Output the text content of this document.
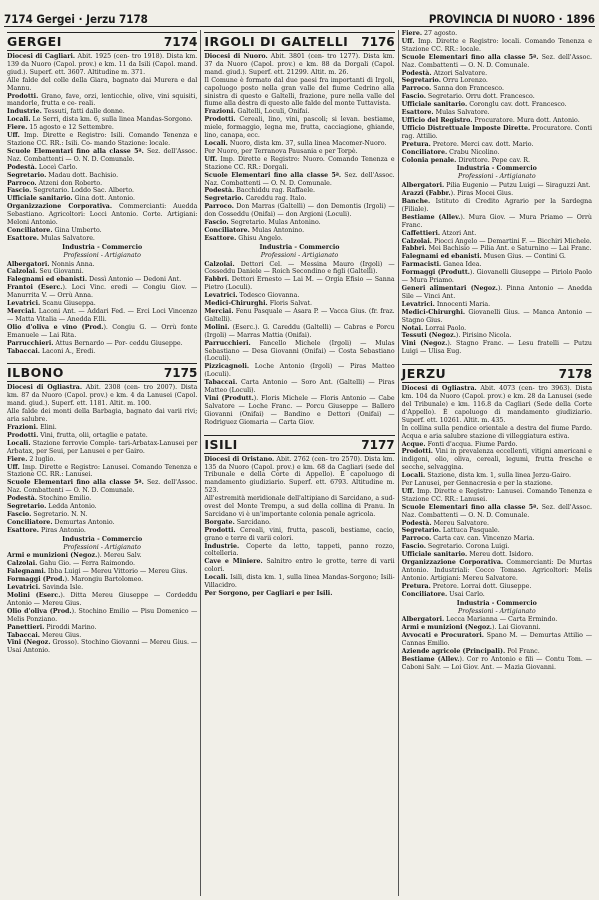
7174 Gergei · Jerzu 7178	PROVINCIA DI NUORO · 1896
GERGEI	7174

Diocesi di Cagliari. Abit. 1925 (cen- tro 1918). Dista km. 139 da Nuoro (Capol. prov.) e km. 11 da Isili (Capol. mand. giud.). Superf. ett. 3607. Altitudine m. 371.

Alle falde del colle della Giara, bagnato dai Murera e dal Mannu.

Prodotti. Grano, fave, orzi, lenticchie, olive, vini squisiti, mandorle, frutta e ce- reali.

Industrie. Tessuti, fatti dalle donne.

Locali. Le Serri, dista km. 6, sulla linea Mandas-Sorgono.

Fiere. 15 agosto e 12 Settembre.

Uff. Imp. Dirette e Registro: Isili. Comando Tenenza e Stazione CC. RR.: Isili. Co- mando Stazione: locale.

Scuole Elementari fino alla classe 5ª. Sez. dell'Assoc. Naz. Combattenti — O. N. D. Comunale.

Podestà. Loceì Carlo.

Segretario. Madau dott. Bachisio.

Parroco. Atzeni don Roberto.

Fascio. Segretario. Loddo Sac. Alberto.

Ufficiale sanitario. Gina dott. Antonio.

Organizzazione Corporativa. Commercianti: Auedda Sebastiano. Agricoltori: Locci Antonio. Corte. Artigiani: Meloni Antonio.

Conciliatore. Gina Umberto.

Esattore. Mulas Salvatore.

Industria - Commercio

Professioni - Artigianato

Albergatori. Nonnis Anna.

Calzolai. Seu Giovanni.

Falegnami ed ebanisti. Dessì Antonio — Dedoni Ant.

Frantoi (Eserc.). Loci Vinc. eredi — Congiu Giov. — Manurrita V. — Orrù Anna.

Levatrici. Scanu Giuseppa.

Mercial. Laconi Ant. — Addari Fed. — Erci Loci Vincenzo — Matta Vitalia — Anedda F.lli.

Olio d'oliva e vino (Prod.). Congiu G. — Orrù fonte Emanuele — Lai Rita.

Parrucchieri. Attus Bernardo — Por- ceddu Giuseppe.

Tabaccai. Laconi A., Eredi.

ILBONO	7175

Diocesi di Ogliastra. Abit. 2308 (cen- tro 2007). Dista km. 87 da Nuoro (Capol. prov.) e km. 4 da Lanusei (Capol. mand. giud.). Superf. ett. 1181. Altit. m. 100.

Alle falde dei monti della Barbagia, bagnato dai varii rivi; aria salubre.

Frazioni. Elini.

Prodotti. Vini, frutta, olii, ortaglie e patate.

Locali. Stazione ferrovie Comple- tari-Arbatax-Lanusei per Arbatax, per Seui, per Lanusei e per Gairo.

Fiere. 2 luglio.

Uff. Imp. Dirette e Registro: Lanusei. Comando Tenenza e Stazione CC. RR.: Lanusei.

Scuole Elementari fino alla classe 5ª. Sez. dell'Assoc. Naz. Combattenti — O. N. D. Comunale.

Podestà. Stochino Emilio.

Segretario. Ledda Antonio.

Fascio. Segretario. N. N.

Conciliatore. Demurtas Antonio.

Esattore. Piras Antonio.

Industria - Commercio

Professioni - Artigianato

Armi e munizioni (Negoz.). Mereu Salv.

Calzolai. Gahu Gio. — Ferra Raimondo.

Falegnami. Ibba Luigi — Mereu Vittorio — Mereu Gius.

Formaggi (Prod.). Marongiu Bartolomeo.

Levatrici. Savinda Isle.

Molini (Eserc.). Ditta Mereu Giuseppe — Cordeddu Antonio — Mereu Gius.

Olio d'oliva (Prod.). Stochino Emilio — Pisu Domenico — Melis Ponziano.

Panettieri. Piroddi Marino.

Tabaccai. Mereu Gius.

Vini (Negoz. Grosso). Stochino Giovanni — Mereu Gius. — Usai Antonio.

IRGOLI DI GALTELLI 7176

Diocesi di Nuoro. Abit. 3801 (cen- tro 1277). Dista km. 37 da Nuoro (Capol. prov.) e km. 88 da Dorgali (Capol. mand. giud.). Superf. ett. 21299. Altit. m. 26.

Il Comune è formato dal due paesi fra importanti di Irgoli, capoluogo posto nella gran valle del fiume Cedrino alla sinistra di questo e Galtelli, frazione, pure nella valle del fiume alla destra di questo alle falde del monte Tuttavista.

Frazioni. Galtelli, Loculi, Onifai.

Prodotti. Cereali, lino, vini, pascoli; si levan. bestiame, miele, formaggio, legna me, frutta, cacciagione, ghiande, lino, canapa, ecc.

Locali. Nuoro, dista km. 37, sulla linea Macomer-Nuoro.

Per Nuoro, per Terranova Pausania e per Torpè.

Uff. Imp. Dirette e Registro: Nuoro. Comando Tenenza e Stazione CC. RR.: Dorgali.

Scuole Elementari fino alla classe 5ª. Sez. dell'Assoc. Naz. Combattenti — O. N. D. Comunale.

Podestà. Bacchiddu rag. Raffaele.

Segretario. Careddu rag. Italo.

Parroco. Don Marras (Galtelli) — don Demontis (Irgoli) — don Cosseddu (Onifai) — don Argioni (Loculi).

Fascio. Segretario. Mulas Antonino.

Conciliatore. Mulas Antonino.

Esattore. Ghisu Angelo.

Industria - Commercio

Professioni - Artigianato

Calzolai. Dettori Cel. — Messina Mauro (Irgoli) — Cosseddu Daniele — Roich Secondino e figli (Galtelli).

Fabbri. Dettori Ernesto — Lai M. — Orgia Efisio — Sanna Pietro (Loculi).

Levatrici. Todesco Giovanna.

Medici-Chirurghi. Floris Salvat.

Merciai. Fenu Pasquale — Asara P. — Vacca Gius. (fr. fraz. Galtelli).

Molini. (Eserc.). G. Careddu (Galtelli) — Cabras e Porcu (Irgoli) — Marras Mattia (Onifai).

Parrucchieri. Fancello Michele (Irgoli) — Mulas Sebastiano — Desa Giovanni (Onifai) — Costa Sebastiano (Loculi).

Pizzicagnoli. Loche Antonio (Irgoli) — Piras Matteo (Loculi).

Tabaccai. Carta Antonio — Soro Ant. (Galtelli) — Piras Matteo (Loculi).

Vini (Produtt.). Floris Michele — Floris Antonio — Cabe Salvatore — Loche Franc. — Porcu Giuseppe — Ballero Giovanni (Onifai) — Bandino e Dettori (Onifai) — Rodriguez Giomaria — Carta Giov.

ISILI	7177

Diocesi di Oristano. Abit. 2762 (cen- tro 2570). Dista km. 135 da Nuoro (Capol. prov.) e km. 68 da Cagliari (sede del Tribunale e della Corte di Appello). È capoluogo di mandamento giudiziario. Superf. ett. 6793. Altitudine m. 523.

All'estremità meridionale dell'altipiano di Sarcidano, a sud-ovest del Monte Trempu, a sud della collina di Pranu. In Sarcidano vi è un'importante colonia penale agricola.

Borgate. Sarcidano.

Prodotti. Cereali, vini, frutta, pascoli, bestiame, cacio, grano e terre di varii colori.

Industrie. Coperte da letto, tappeti, panno rozzo, coltelleria.

Cave e Miniere. Salnitro entro le grotte, terre di varii colori.

Locali. Isili, dista km. 1, sulla linea Mandas-Sorgono; Isili-Villacidro.

Per Sorgono, per Cagliari e per Isili.

Fiere. 27 agosto.

Uff. Imp. Dirette e Registro: locali. Comando Tenenza e Stazione CC. RR.: locale.

Scuole Elementari fino alla classe 5ª. Sez. dell'Assoc. Naz. Combattenti — O. N. D. Comunale.

Podestà. Atzori Salvatore.

Segretario. Orru Lorenzo.

Parroco. Sanna don Francesco.

Fascio. Segretario. Orru dott. Francesco.

Ufficiale sanitario. Coronglu cav. dott. Francesco.

Esattore. Mulas Salvatore.

Ufficio del Registro. Procuratore. Mura dott. Antonio.

Ufficio Distrettuale Imposte Dirette. Procuratore. Conti rag. Attilio.

Pretura. Pretore. Merci cav. dott. Mario.

Conciliatore. Crabu Nicolino.

Colonia penale. Direttore. Pepe cav. R.

Industria - Commercio

Professioni - Artigianato

Albergatori. Pilia Eugenio — Putzu Luigi — Siraguzzi Ant.

Arazzi (Fabbr.). Piras Mocei Gius.

Banche. Istituto di Credito Agrario per la Sardegna (Filiale).

Bestiame (Allev.). Mura Giov. — Mura Priamo — Orrù Franc.

Caffettieri. Atzori Ant.

Calzolai. Piocci Angelo — Demartini F. — Bicchiri Michele.

Fabbri. Mei Bachisio — Pilia Ant. e Saturnino — Lai Franc.

Falegnami ed ebanisti. Musen Gius. — Contini G.

Farmacisti. Ganea Idea.

Formaggi (Produtt.). Giovanelli Giuseppe — Piriolo Paolo — Mura Priamo.

Generi alimentari (Negoz.). Pinna Antonio — Anedda Sile — Vinci Ant.

Levatrici. Innocenti Maria.

Medici-Chirurghi. Giovanelli Gius. — Manca Antonio — Stagno Gius.

Notai. Lorrai Paolo.

Tessuti (Negoz.). Pirisino Nicola.

Vini (Negoz.). Stagno Franc. — Lesu fratelli — Putzu Luigi — Ulisa Eug.

JERZU	7178

Diocesi di Ogliastra. Abit. 4073 (cen- tro 3963). Dista km. 104 da Nuoro (Capol. prov.) e km. 28 da Lanusei (sede del Tribunale) e km. 116.8 da Cagliari (Sede della Corte d'Appello). È capoluogo di mandamento giudiziario. Superf. ett. 10261. Altit. m. 435.

In collina sulla pendice orientale a destra del fiume Pardo. Acqua e aria salubre stazione di villeggiatura estiva.

Acque. Fonti d'acqua. Fiume Pardo.

Prodotti. Vini in prevalenza eccellenti, vitigni americani e indigeni, olio, oliva, cereali, legumi, frutta fresche e secche, selvaggina.

Locali. Stazione, dista km. 1, sulla linea Jerzu-Gairo.

Per Lanusei, per Gennacresia e per la stazione.

Uff. Imp. Dirette e Registro: Lanusei. Comando Tenenza e Stazione CC. RR.: Lanusei.

Scuole Elementari fino alla classe 5ª. Sez. dell'Assoc. Naz. Combattenti — O. N. D. Comunale.

Podestà. Mereu Salvatore.

Segretario. Lattuca Pasquale.

Parroco. Carta cav. can. Vincenzo Maria.

Fascio. Segretario. Corona Luigi.

Ufficiale sanitario. Mereu dott. Isidoro.

Organizzazione Corporativa. Commercianti: De Murtas Antonio. Industriali: Cocco Tomaso. Agricoltori: Melis Antonio. Artigiani: Mereu Salvatore.

Pretura. Pretore. Lorrai dott. Giuseppe.

Conciliatore. Usai Carlo.

Industria - Commercio

Professioni - Artigianato

Albergatori. Lecca Marianna — Carta Ermindo.

Armi e munizioni (Negoz.). Lai Giovanni.

Avvocati e Procuratori. Spano M. — Demurtas Attilio — Cannas Emilio.

Aziende agricole (Principali). Pol Franc.

Bestiame (Allev.). Cor ro Antonio e fili — Contu Tom. — Caboni Salv. — Loi Giov. Ant. — Mazia Giovanni.
